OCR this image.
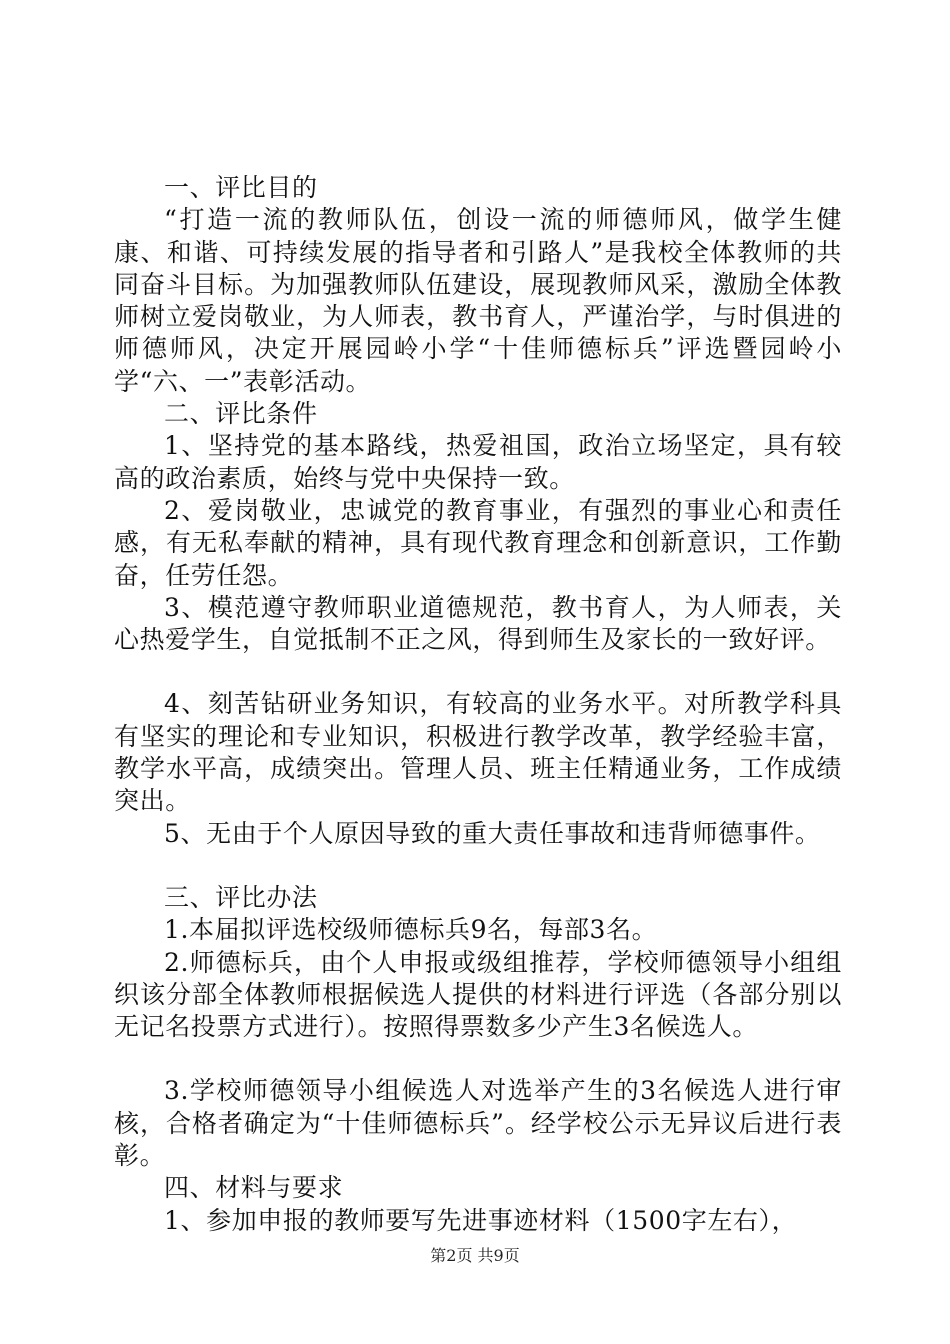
一、评比目的

“打造一流的教师队伍，创设一流的师德师风，做学生健康、和谐、可持续发展的指导者和引路人”是我校全体教师的共同奋斗目标。为加强教师队伍建设，展现教师风采，激励全体教师树立爱岗敬业，为人师表，教书育人，严谨治学，与时俱进的师德师风，决定开展园岭小学“十佳师德标兵”评选暨园岭小学“六、一”表彰活动。

二、评比条件

1、坚持党的基本路线，热爱祖国，政治立场坚定，具有较高的政治素质，始终与党中央保持一致。

2、爱岗敬业，忠诚党的教育事业，有强烈的事业心和责任感，有无私奉献的精神，具有现代教育理念和创新意识，工作勤奋，任劳任怨。

3、模范遵守教师职业道德规范，教书育人，为人师表，关心热爱学生，自觉抵制不正之风，得到师生及家长的一致好评。

4、刻苦钻研业务知识，有较高的业务水平。对所教学科具有坚实的理论和专业知识，积极进行教学改革，教学经验丰富，教学水平高，成绩突出。管理人员、班主任精通业务，工作成绩突出。

5、无由于个人原因导致的重大责任事故和违背师德事件。

三、评比办法

1.本届拟评选校级师德标兵9名，每部3名。

2.师德标兵，由个人申报或级组推荐，学校师德领导小组组织该分部全体教师根据候选人提供的材料进行评选（各部分别以无记名投票方式进行）。按照得票数多少产生3名候选人。

3.学校师德领导小组候选人对选举产生的3名候选人进行审核，合格者确定为“十佳师德标兵”。经学校公示无异议后进行表彰。

四、材料与要求

1、参加申报的教师要写先进事迹材料（1500字左右），

第2页 共9页
